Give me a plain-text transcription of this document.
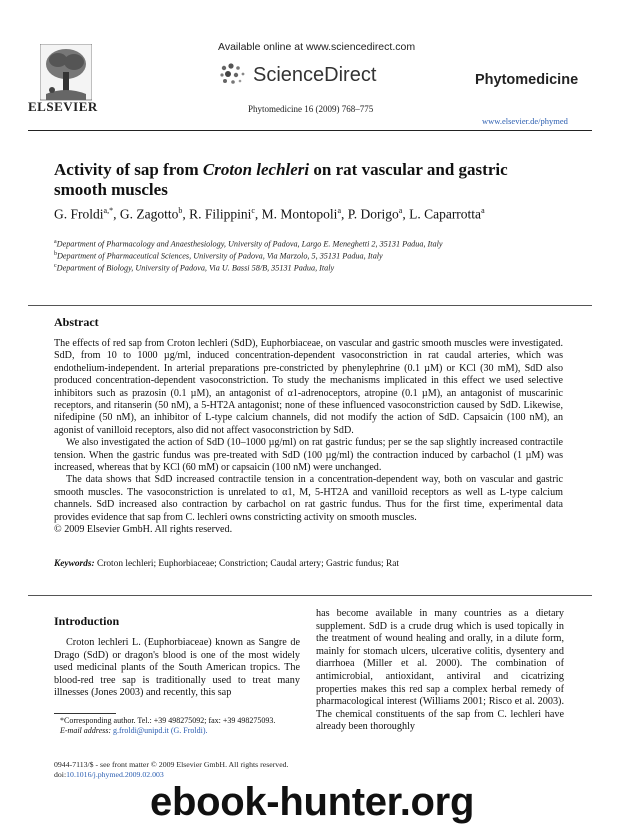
ELSEVIER
Available online at www.sciencedirect.com
ScienceDirect
Phytomedicine 16 (2009) 768–775
Phytomedicine
www.elsevier.de/phymed
Activity of sap from Croton lechleri on rat vascular and gastric smooth muscles
G. Froldi$^{a,*}$, G. Zagotto$^b$, R. Filippini$^c$, M. Montopoli$^a$, P. Dorigo$^a$, L. Caparrotta$^a$
$^a$Department of Pharmacology and Anaesthesiology, University of Padova, Largo E. Meneghetti 2, 35131 Padua, Italy
$^b$Department of Pharmaceutical Sciences, University of Padova, Via Marzolo, 5, 35131 Padua, Italy
$^c$Department of Biology, University of Padova, Via U. Bassi 58/B, 35131 Padua, Italy
Abstract

The effects of red sap from Croton lechleri (SdD), Euphorbiaceae, on vascular and gastric smooth muscles were investigated. SdD, from 10 to 1000 µg/ml, induced concentration-dependent vasoconstriction in rat caudal arteries, which was endothelium-independent. In arterial preparations pre-constricted by phenylephrine (0.1 µM) or KCl (30 mM), SdD also produced concentration-dependent vasoconstriction. To study the mechanisms implicated in this effect we used selective inhibitors such as prazosin (0.1 µM), an antagonist of α1-adrenoceptors, atropine (0.1 µM), an antagonist of muscarinic receptors, and ritanserin (50 nM), a 5-HT2A antagonist; none of these influenced vasoconstriction caused by SdD. Likewise, nifedipine (50 nM), an inhibitor of L-type calcium channels, did not modify the action of SdD. Capsaicin (100 nM), an agonist of vanilloid receptors, also did not affect vasoconstriction by SdD.

We also investigated the action of SdD (10–1000 µg/ml) on rat gastric fundus; per se the sap slightly increased contractile tension. When the gastric fundus was pre-treated with SdD (100 µg/ml) the contraction induced by carbachol (1 µM) was increased, whereas that by KCl (60 mM) or capsaicin (100 nM) were unchanged.

The data shows that SdD increased contractile tension in a concentration-dependent way, both on vascular and gastric smooth muscles. The vasoconstriction is unrelated to α1, M, 5-HT2A and vanilloid receptors as well as L-type calcium channels. SdD increased also contraction by carbachol on rat gastric fundus. Thus for the first time, experimental data provides evidence that sap from C. lechleri owns constricting activity on smooth muscles.

© 2009 Elsevier GmbH. All rights reserved.

Keywords: Croton lechleri; Euphorbiaceae; Constriction; Caudal artery; Gastric fundus; Rat
Introduction

Croton lechleri L. (Euphorbiaceae) known as Sangre de Drago (SdD) or dragon's blood is one of the most widely used medicinal plants of the South American tropics. The blood-red tree sap is traditionally used to treat many illnesses (Jones 2003) and recently, this sap

has become available in many countries as a dietary supplement. SdD is a crude drug which is used topically in the treatment of wound healing and orally, in a dilute form, mainly for stomach ulcers, ulcerative colitis, dysentery and diarrhoea (Miller et al. 2000). The combination of antimicrobial, antioxidant, antiviral and cicatrizing properties makes this red sap a complex herbal remedy of pharmacological interest (Williams 2001; Risco et al. 2003). The chemical constituents of the sap from C. lechleri have already been thoroughly

*Corresponding author. Tel.: +39 498275092; fax: +39 498275093.
E-mail address: g.froldi@unipd.it (G. Froldi).
0944-7113/$ - see front matter © 2009 Elsevier GmbH. All rights reserved.
doi:10.1016/j.phymed.2009.02.003
ebook-hunter.org
